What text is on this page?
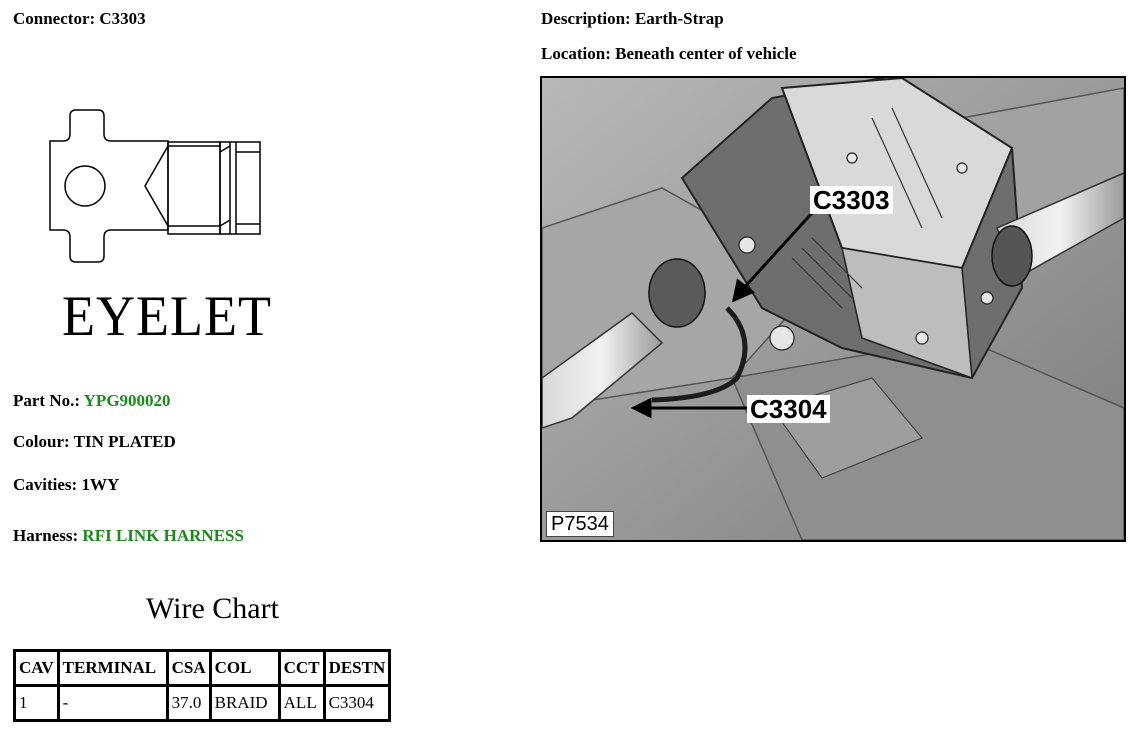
Connector: C3303
EYELET
Part No.: YPG900020
Colour: TIN PLATED
Cavities: 1WY
Harness: RFI LINK HARNESS
Wire Chart
CAV	TERMINAL	CSA	COL	CCT	DESTN
1	-	37.0	BRAID	ALL	C3304
Description: Earth-Strap
Location: Beneath center of vehicle
C3303
C3304
P7534
